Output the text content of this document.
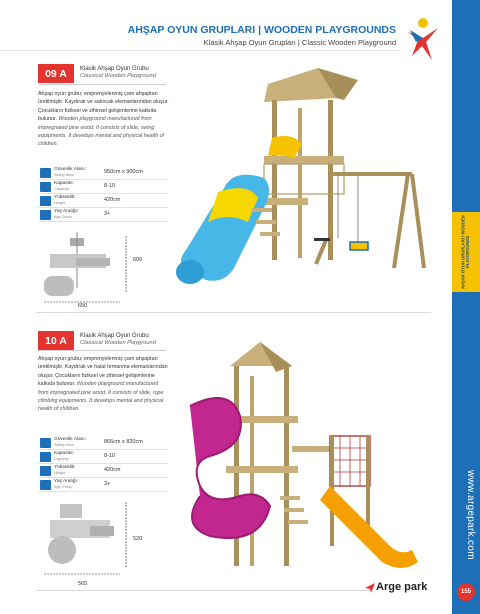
AHŞAP OYUN GRUPLARI | WOODEN PLAYGROUNDS
Klasik Ahşap Oyun Grupları | Classic Wooden Playground
AHŞAP OYUN GRUPLARI / WOODEN PLAYGROUNDS
www.argepark.com
155
09 A	Klasik Ahşap Oyun Grubu
Classical Wooden Playground
Ahşap oyun grubu; emprenyelenmiş çam ahşaptan üretilmiştir. Kaydırak ve salıncak elemanlarından oluşur. Çocukların fiziksel ve zihinsel gelişimlerine katkıda bulunur. Wooden playground manufactured from impregnated pine wood. It consists of slide, swing equipments. It develops mental and physical health of children.
Güvenlik Alanı:
Safety Area	950cm x 900cm
Kapasite:
Capacity	8-10
Yükseklik:
Height	420cm
Yaş Aralığı:
Age Group	3+
600
650
10 A	Klasik Ahşap Oyun Grubu
Classical Wooden Playground
Ahşap oyun grubu; emprenyelenmiş çam ahşaptan üretilmiştir. Kaydırak ve halat tırmanma elemanlarından oluşur. Çocukların fiziksel ve zihinsel gelişimlerine katkıda bulunur. Wooden playground manufactured from impregnated pine wood. It consists of slide, rope climbing equipments. It develops mental and physical health of children.
Güvenlik Alanı:
Safety Area	866cm x 820cm
Kapasite:
Capacity	8-10
Yükseklik:
Height	420cm
Yaş Aralığı:
Age Group	3+
520
565	Arge park
